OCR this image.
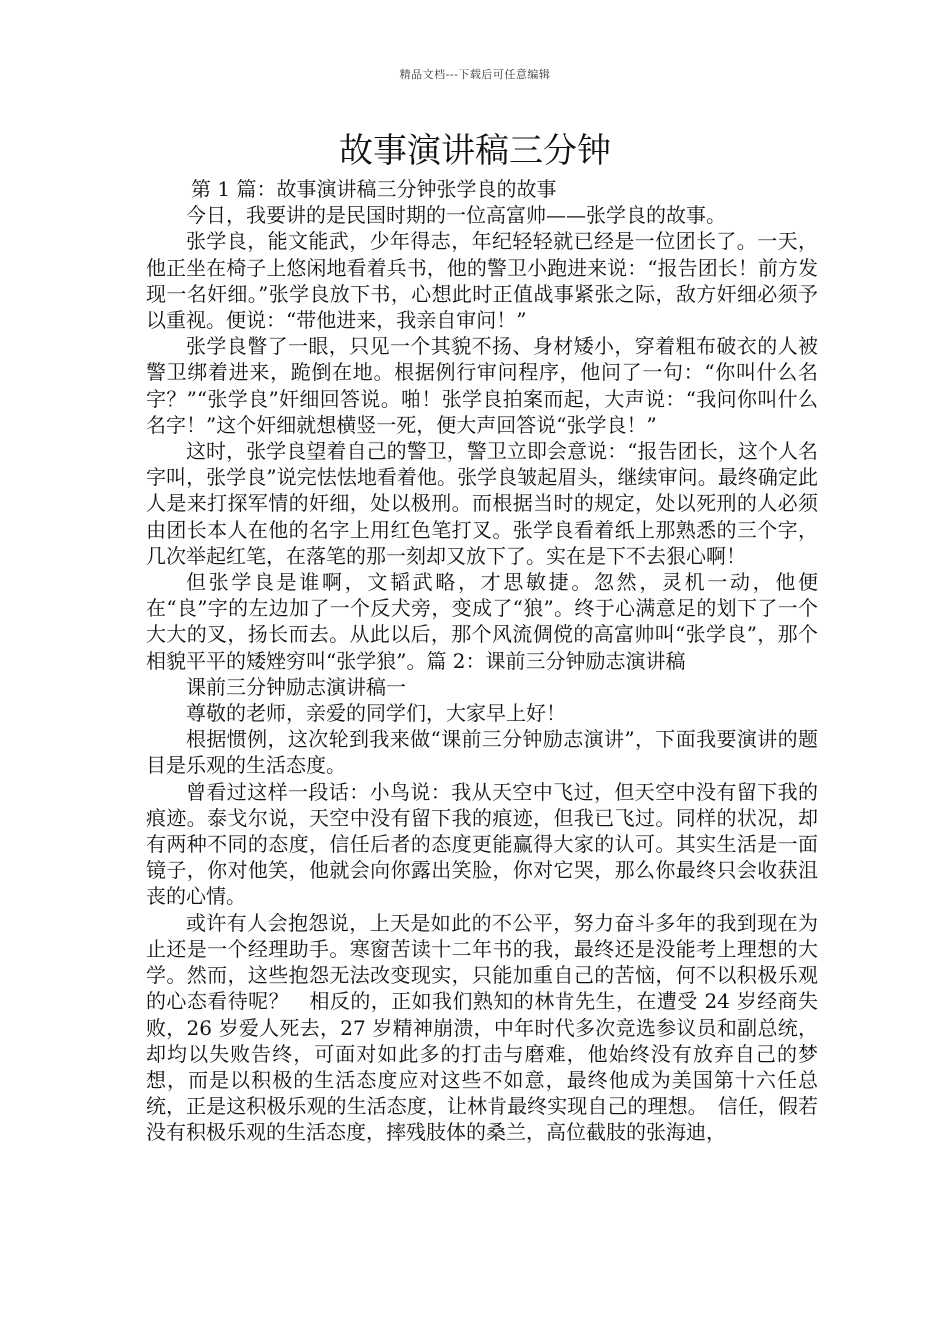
精品文档---下载后可任意编辑
故事演讲稿三分钟

第 1 篇：故事演讲稿三分钟张学良的故事

今日，我要讲的是民国时期的一位高富帅——张学良的故事。

张学良，能文能武，少年得志，年纪轻轻就已经是一位团长了。一天，他正坐在椅子上悠闲地看着兵书，他的警卫小跑进来说：“报告团长！前方发现一名奸细。”张学良放下书，心想此时正值战事紧张之际，敌方奸细必须予以重视。便说：“带他进来，我亲自审问！”

张学良瞥了一眼，只见一个其貌不扬、身材矮小，穿着粗布破衣的人被警卫绑着进来，跪倒在地。根据例行审问程序，他问了一句：“你叫什么名字？”“张学良”奸细回答说。啪！张学良拍案而起，大声说：“我问你叫什么名字！”这个奸细就想横竖一死，便大声回答说“张学良！”

这时，张学良望着自己的警卫，警卫立即会意说：“报告团长，这个人名字叫，张学良”说完怯怯地看着他。张学良皱起眉头，继续审问。最终确定此人是来打探军情的奸细，处以极刑。而根据当时的规定，处以死刑的人必须由团长本人在他的名字上用红色笔打叉。张学良看着纸上那熟悉的三个字，几次举起红笔，在落笔的那一刻却又放下了。实在是下不去狠心啊！

但张学良是谁啊，文韬武略，才思敏捷。忽然，灵机一动，他便在“良”字的左边加了一个反犬旁，变成了“狼”。终于心满意足的划下了一个大大的叉，扬长而去。从此以后，那个风流倜傥的高富帅叫“张学良”，那个相貌平平的矮矬穷叫“张学狼”。篇 2：课前三分钟励志演讲稿

课前三分钟励志演讲稿一

尊敬的老师，亲爱的同学们，大家早上好！

根据惯例，这次轮到我来做“课前三分钟励志演讲”，下面我要演讲的题目是乐观的生活态度。

曾看过这样一段话：小鸟说：我从天空中飞过，但天空中没有留下我的痕迹。泰戈尔说，天空中没有留下我的痕迹，但我已飞过。同样的状况，却有两种不同的态度，信任后者的态度更能赢得大家的认可。其实生活是一面镜子，你对他笑，他就会向你露出笑脸，你对它哭，那么你最终只会收获沮丧的心情。

或许有人会抱怨说，上天是如此的不公平，努力奋斗多年的我到现在为止还是一个经理助手。寒窗苦读十二年书的我，最终还是没能考上理想的大学。然而，这些抱怨无法改变现实，只能加重自己的苦恼，何不以积极乐观的心态看待呢？　相反的，正如我们熟知的林肯先生，在遭受 24 岁经商失败，26 岁爱人死去，27 岁精神崩溃，中年时代多次竞选参议员和副总统，却均以失败告终，可面对如此多的打击与磨难，他始终没有放弃自己的梦想，而是以积极的生活态度应对这些不如意，最终他成为美国第十六任总统，正是这积极乐观的生活态度，让林肯最终实现自己的理想。　信任，假若没有积极乐观的生活态度，摔残肢体的桑兰，高位截肢的张海迪，
